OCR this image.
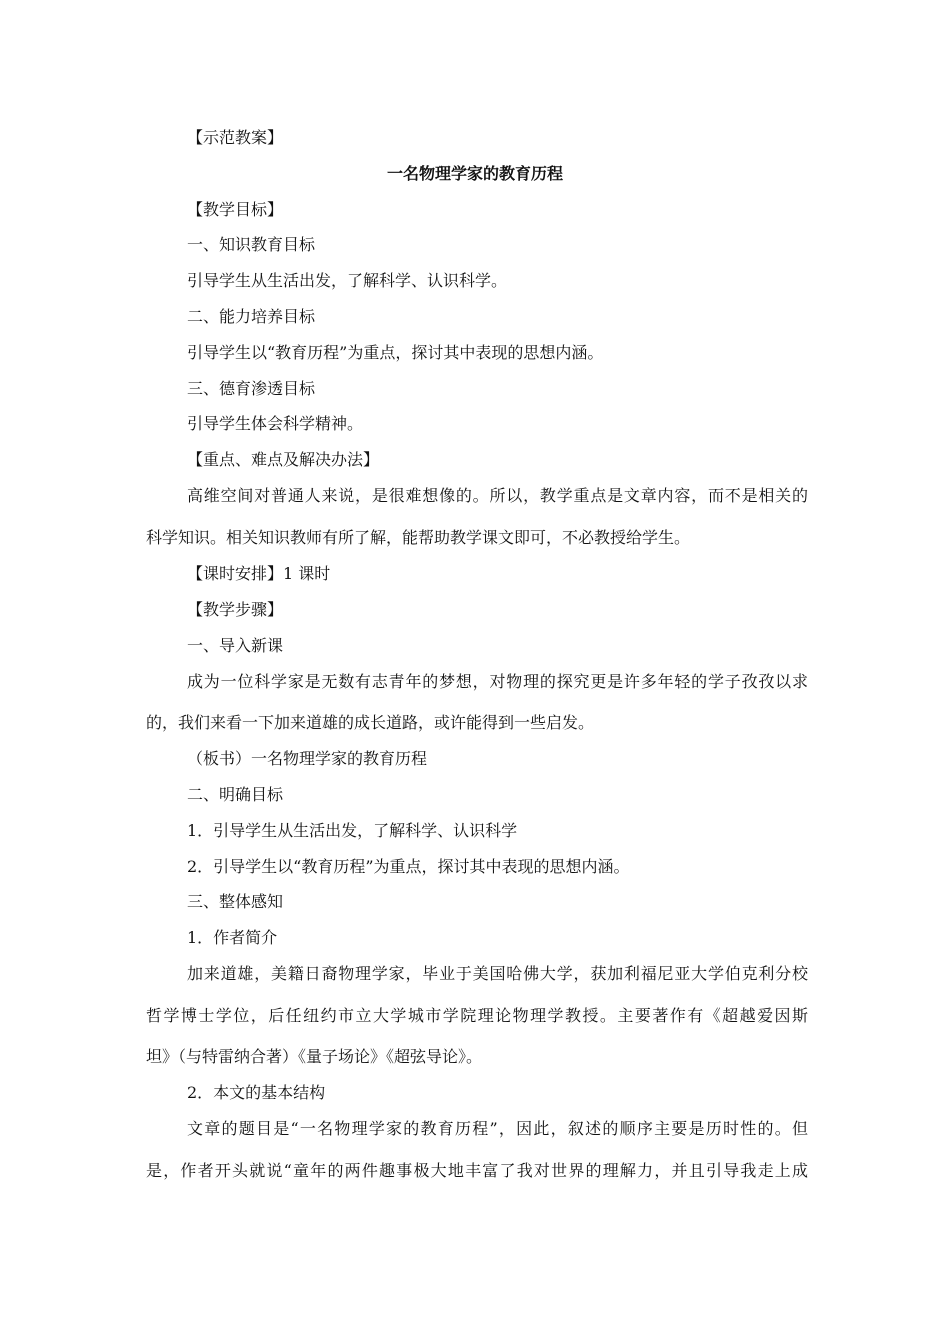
【示范教案】
一名物理学家的教育历程
【教学目标】
一、知识教育目标
引导学生从生活出发，了解科学、认识科学。
二、能力培养目标
引导学生以“教育历程”为重点，探讨其中表现的思想内涵。
三、德育渗透目标
引导学生体会科学精神。
【重点、难点及解决办法】
高维空间对普通人来说，是很难想像的。所以，教学重点是文章内容，而不是相关的
科学知识。相关知识教师有所了解，能帮助教学课文即可，不必教授给学生。
【课时安排】1 课时
【教学步骤】
一、导入新课
成为一位科学家是无数有志青年的梦想，对物理的探究更是许多年轻的学子孜孜以求
的，我们来看一下加来道雄的成长道路，或许能得到一些启发。
（板书）一名物理学家的教育历程
二、明确目标
1．引导学生从生活出发，了解科学、认识科学
2．引导学生以“教育历程”为重点，探讨其中表现的思想内涵。
三、整体感知
1．作者简介
加来道雄，美籍日裔物理学家，毕业于美国哈佛大学，获加利福尼亚大学伯克利分校
哲学博士学位，后任纽约市立大学城市学院理论物理学教授。主要著作有《超越爱因斯
坦》（与特雷纳合著）《量子场论》《超弦导论》。
2．本文的基本结构
文章的题目是“一名物理学家的教育历程”，因此，叙述的顺序主要是历时性的。但
是，作者开头就说“童年的两件趣事极大地丰富了我对世界的理解力，并且引导我走上成
